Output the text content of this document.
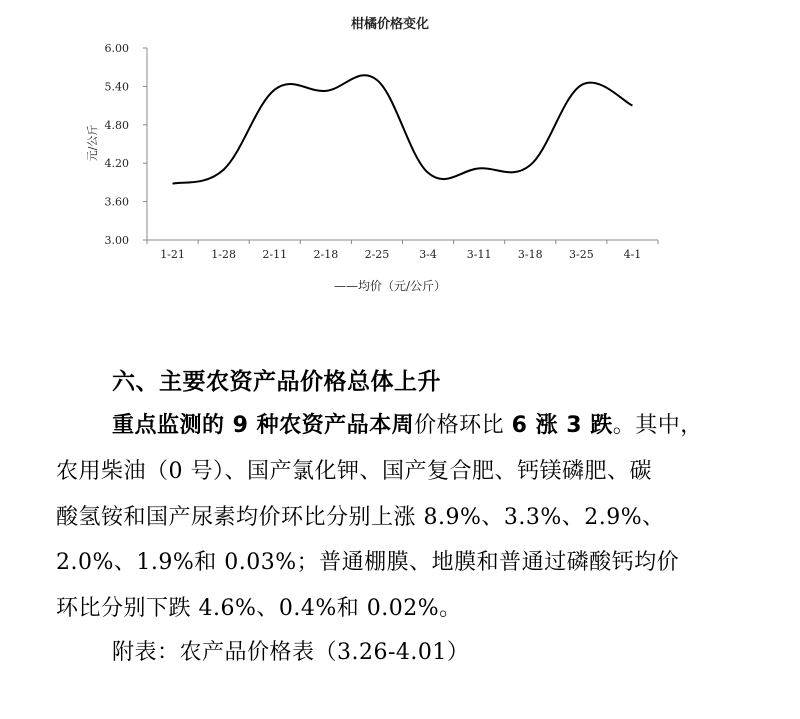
柑橘价格变化
元/公斤
6.00
5.40
4.80
4.20
3.60
3.00
1-21 1-28 2-11 2-18 2-25	3-4	3-11 3-18 3-25	4-1
——均价（元/公斤）
六、主要农资产品价格总体上升
重点监测的 9 种农资产品本周价格环比 6 涨 3 跌。其中，
农用柴油（0 号）、国产氯化钾、国产复合肥、钙镁磷肥、碳
酸氢铵和国产尿素均价环比分别上涨 8.9%、3.3%、2.9%、
2.0%、1.9%和 0.03%；普通棚膜、地膜和普通过磷酸钙均价
环比分别下跌 4.6%、0.4%和 0.02%。
附表：农产品价格表（3.26-4.01）
